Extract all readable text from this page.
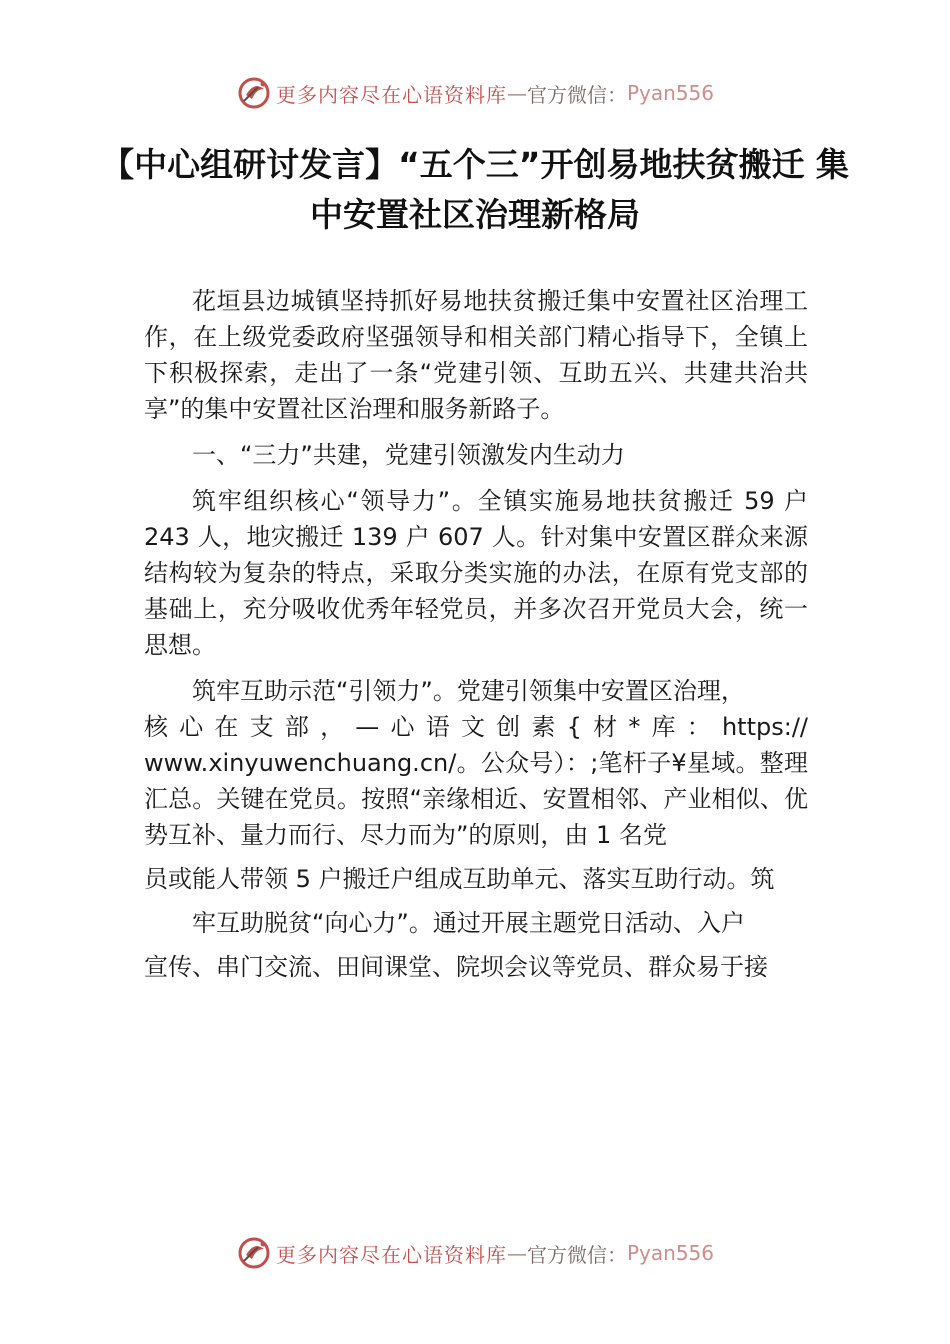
更多内容尽在心语资料库 — 官方微信： Pyan556
【中心组研讨发言】“五个三”开创易地扶贫搬迁 集中安置社区治理新格局

花垣县边城镇坚持抓好易地扶贫搬迁集中安置社区治理工作，在上级党委政府坚强领导和相关部门精心指导下，全镇上下积极探索，走出了一条“党建引领、互助五兴、共建共治共享”的集中安置社区治理和服务新路子。

一、“三力”共建，党建引领激发内生动力

筑牢组织核心“领导力”。全镇实施易地扶贫搬迁 59 户 243 人，地灾搬迁 139 户 607 人。针对集中安置区群众来源结构较为复杂的特点，采取分类实施的办法，在原有党支部的基础上，充分吸收优秀年轻党员，并多次召开党员大会，统一思想。

筑牢互助示范“引领力”。党建引领集中安置区治理，

核心在支部，—心语文创素{材*库：https://

www.xinyuwenchuang.cn/。公众号）：;笔杆子¥星域。整理汇总。关键在党员。按照“亲缘相近、安置相邻、产业相似、优势互补、量力而行、尽力而为”的原则，由 1 名党

员或能人带领 5 户搬迁户组成互助单元、落实互助行动。筑

牢互助脱贫“向心力”。通过开展主题党日活动、入户

宣传、串门交流、田间课堂、院坝会议等党员、群众易于接

更多内容尽在心语资料库 — 官方微信： Pyan556
